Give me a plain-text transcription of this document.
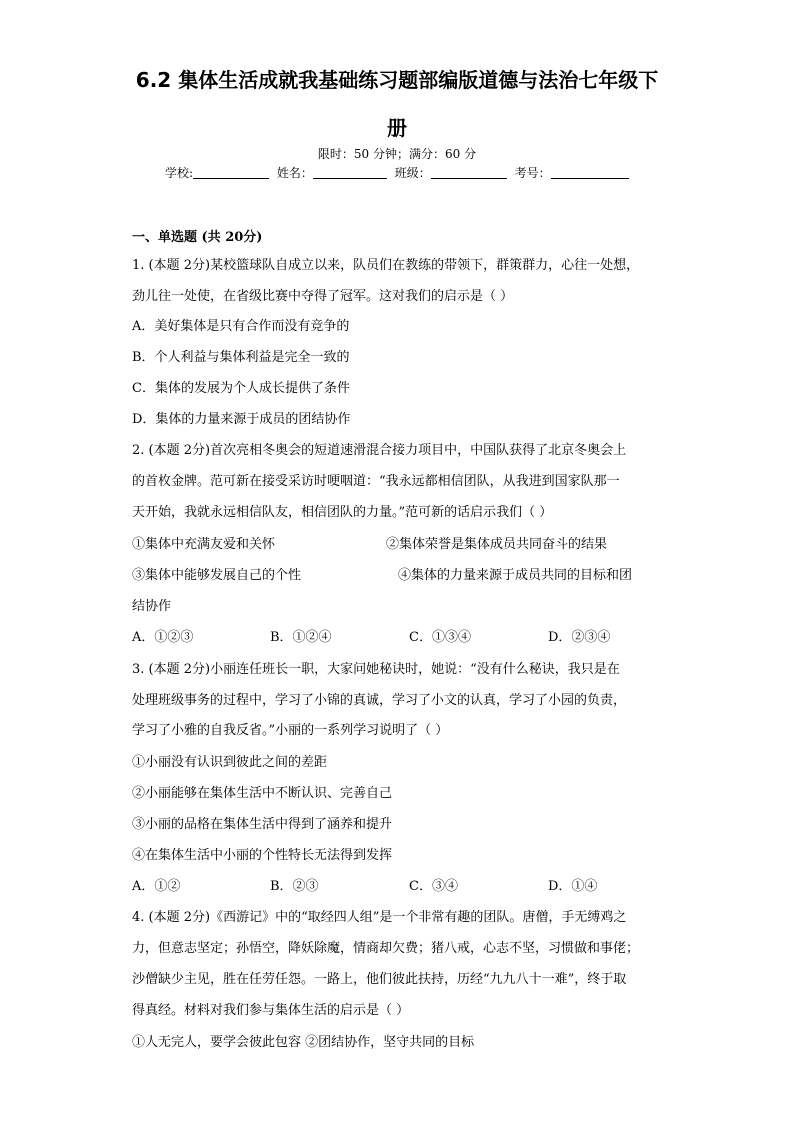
6.2 集体生活成就我基础练习题部编版道德与法治七年级下
册
限时：50 分钟；满分：60 分
学校:	姓名：	班级：	考号：
一、单选题 (共 20分)
1. (本题 2分)某校篮球队自成立以来，队员们在教练的带领下，群策群力，心往一处想，
劲儿往一处使，在省级比赛中夺得了冠军。这对我们的启示是（ ）
A．美好集体是只有合作而没有竞争的
B．个人利益与集体利益是完全一致的
C．集体的发展为个人成长提供了条件
D．集体的力量来源于成员的团结协作
2. (本题 2分)首次亮相冬奥会的短道速滑混合接力项目中，中国队获得了北京冬奥会上
的首枚金牌。范可新在接受采访时哽咽道：“我永远都相信团队，从我进到国家队那一
天开始，我就永远相信队友，相信团队的力量。”范可新的话启示我们（ ）
①集体中充满友爱和关怀	②集体荣誉是集体成员共同奋斗的结果
③集体中能够发展自己的个性	④集体的力量来源于成员共同的目标和团
结协作
A．①②③	B．①②④	C．①③④	D．②③④
3. (本题 2分)小丽连任班长一职，大家问她秘诀时，她说：“没有什么秘诀，我只是在
处理班级事务的过程中，学习了小锦的真诚，学习了小文的认真，学习了小园的负责，
学习了小雅的自我反省。”小丽的一系列学习说明了（ ）
①小丽没有认识到彼此之间的差距
②小丽能够在集体生活中不断认识、完善自己
③小丽的品格在集体生活中得到了涵养和提升
④在集体生活中小丽的个性特长无法得到发挥
A．①②	B．②③	C．③④	D．①④
4. (本题 2分)《西游记》中的“取经四人组”是一个非常有趣的团队。唐僧，手无缚鸡之
力，但意志坚定；孙悟空，降妖除魔，情商却欠费；猪八戒，心志不坚，习惯做和事佬；
沙僧缺少主见，胜在任劳任怨。一路上，他们彼此扶持，历经“九九八十一难”，终于取
得真经。材料对我们参与集体生活的启示是（ ）
①人无完人，要学会彼此包容 ②团结协作，坚守共同的目标
